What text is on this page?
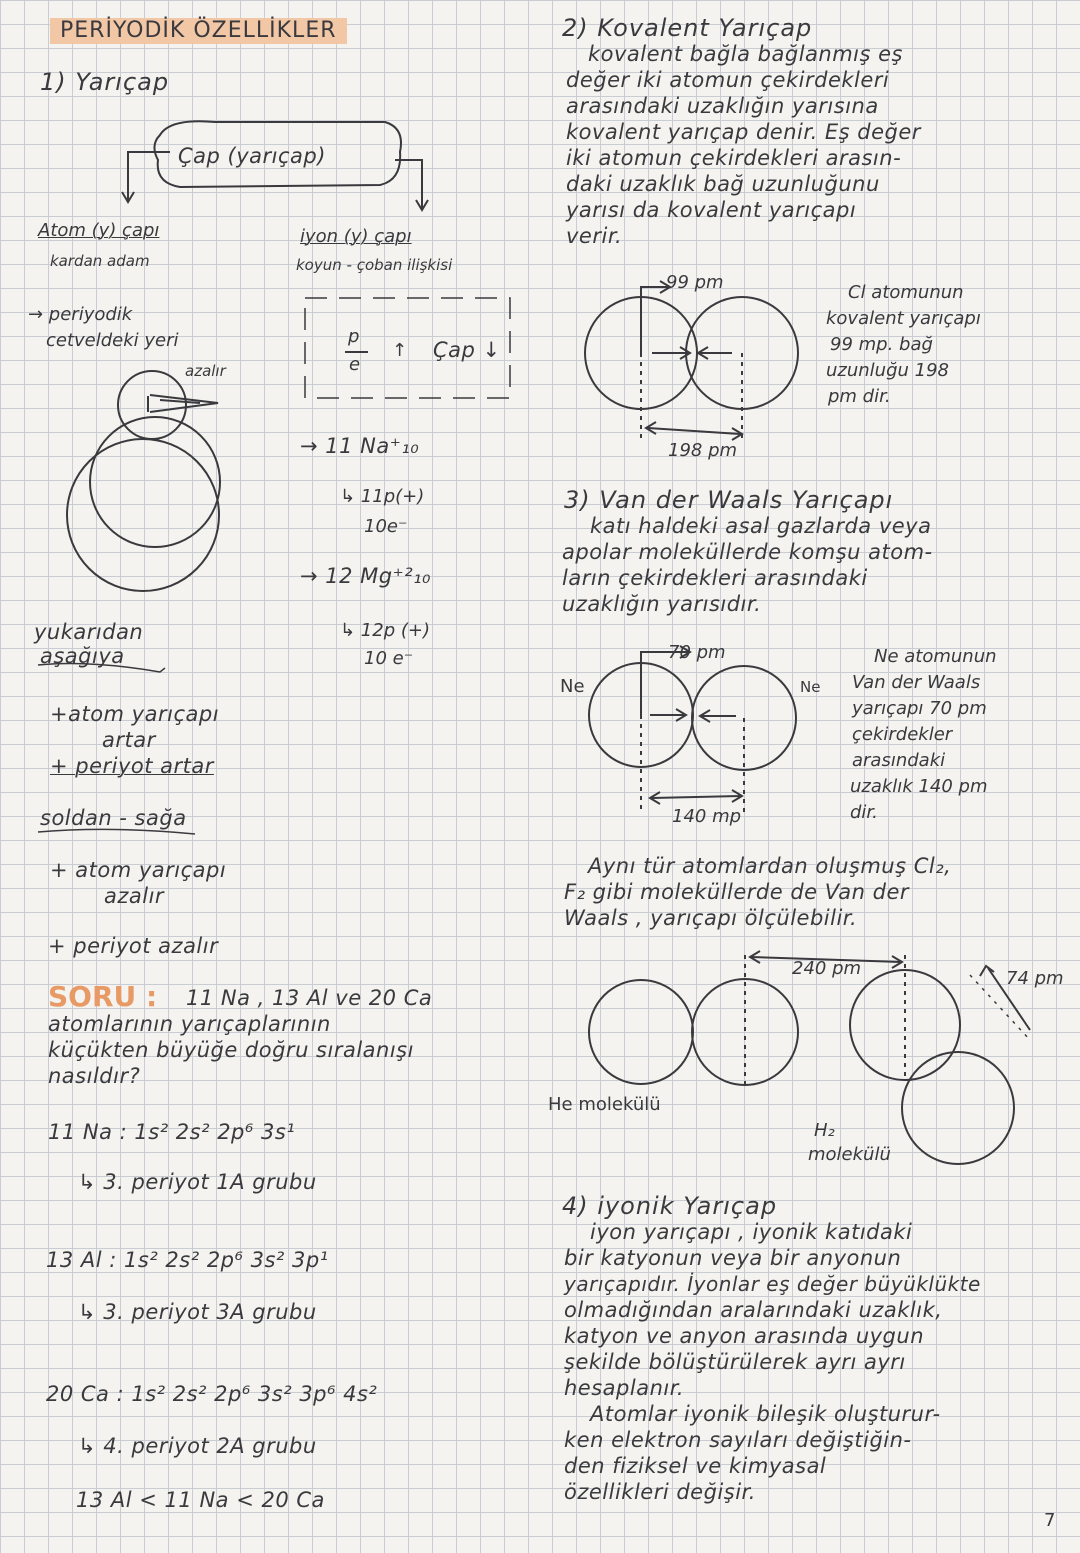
PERİYODİK ÖZELLİKLER
1) Yarıçap
Çap (yarıçap)
Atom (y) çapı
kardan adam
iyon (y) çapı
koyun - çoban ilişkisi
→ periyodik
cetveldeki yeri
azalır
p
e
↑ Çap ↓
→ 11 Na⁺₁₀
↳ 11p(+)
10e⁻
→ 12 Mg⁺²₁₀
↳ 12p (+)
10 e⁻
yukarıdan
aşağıya
+atom yarıçapı
artar
+ periyot artar
soldan - sağa
+ atom yarıçapı
azalır
+ periyot azalır
SORU : 11 Na , 13 Al ve 20 Ca
atomlarının yarıçaplarının
küçükten büyüğe doğru sıralanışı
nasıldır?
11 Na : 1s² 2s² 2p⁶ 3s¹
↳ 3. periyot 1A grubu
13 Al : 1s² 2s² 2p⁶ 3s² 3p¹
↳ 3. periyot 3A grubu
20 Ca : 1s² 2s² 2p⁶ 3s² 3p⁶ 4s²
↳ 4. periyot 2A grubu
13 Al < 11 Na < 20 Ca
2) Kovalent Yarıçap
kovalent bağla bağlanmış eş
değer iki atomun çekirdekleri
arasındaki uzaklığın yarısına
kovalent yarıçap denir. Eş değer
iki atomun çekirdekleri arasın-
daki uzaklık bağ uzunluğunu
yarısı da kovalent yarıçapı
verir.
99 pm
198 pm
Cl atomunun
kovalent yarıçapı
99 mp. bağ
uzunluğu 198
pm dir.
3) Van der Waals Yarıçapı
katı haldeki asal gazlarda veya
apolar moleküllerde komşu atom-
ların çekirdekleri arasındaki
uzaklığın yarısıdır.
Ne	Ne
70 pm
140 mp
Ne atomunun
Van der Waals
yarıçapı 70 pm
çekirdekler
arasındaki
uzaklık 140 pm
dir.
Aynı tür atomlardan oluşmuş Cl₂,
F₂ gibi moleküllerde de Van der
Waals , yarıçapı ölçülebilir.
240 pm	74 pm
He molekülü
H₂
molekülü
4) iyonik Yarıçap
iyon yarıçapı , iyonik katıdaki
bir katyonun veya bir anyonun
yarıçapıdır. İyonlar eş değer büyüklükte
olmadığından aralarındaki uzaklık,
katyon ve anyon arasında uygun
şekilde bölüştürülerek ayrı ayrı
hesaplanır.
Atomlar iyonik bileşik oluşturur-
ken elektron sayıları değiştiğin-
den fiziksel ve kimyasal
özellikleri değişir.
7
